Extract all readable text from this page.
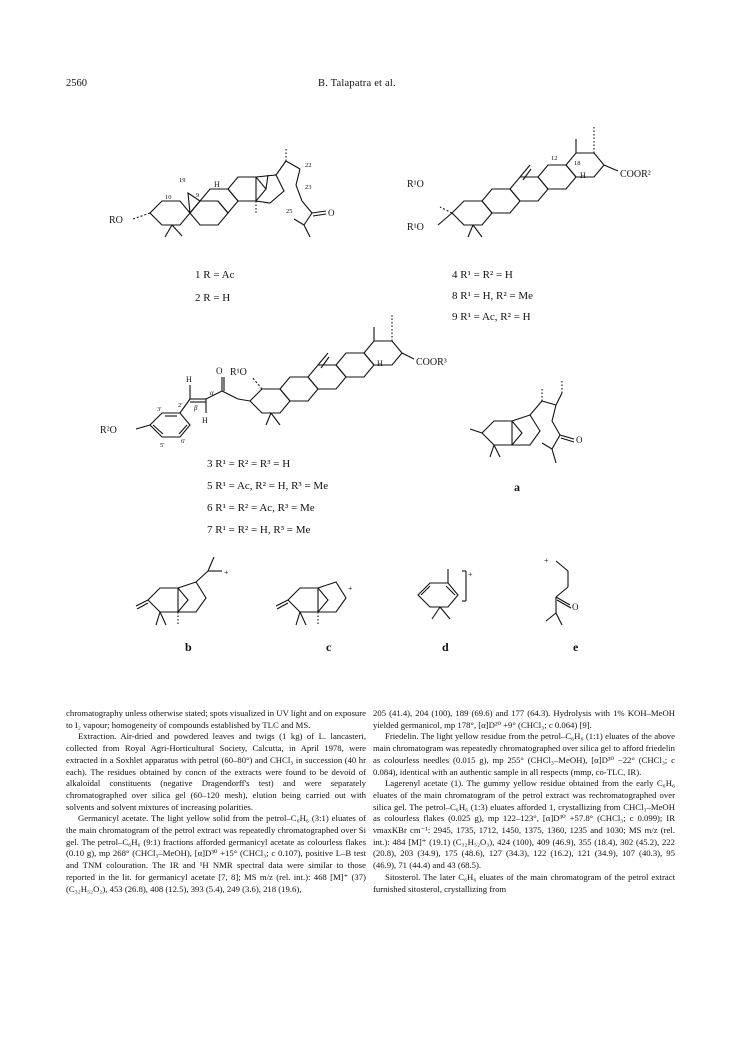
2560	B. Talapatra et al.
RO
10
19
9
H
22
23
25	O
R¹O
R¹O
12
18
H	COOR²
1 R = Ac
2 R = H
4 R¹ = R² = H
8 R¹ = H, R² = Me
9 R¹ = Ac, R² = H
R²O
3′
2′
5′
6′
H
H
β
α
O R¹O
H	COOR³
3 R¹ = R² = R³ = H
5 R¹ = Ac, R² = H, R³ = Me
6 R¹ = R² = Ac, R³ = Me
7 R¹ = R² = H, R³ = Me
O
a
+
b
+
c
+
d
+
O
e

chromatography unless otherwise stated; spots visualized in UV light and on exposure to I₂ vapour; homogeneity of compounds established by TLC and MS.

Extraction. Air-dried and powdered leaves and twigs (1 kg) of L. lancasteri, collected from Royal Agri-Horticultural Society, Calcutta, in April 1978, were extracted in a Soxhlet apparatus with petrol (60–80°) and CHCl₃ in succession (40 hr each). The residues obtained by concn of the extracts were found to be devoid of alkaloidal constituents (negative Dragendorff's test) and were separately chromatographed over silica gel (60–120 mesh), elution being carried out with solvents and solvent mixtures of increasing polarities.

Germanicyl acetate. The light yellow solid from the petrol–C₆H₆ (3:1) eluates of the main chromatogram of the petrol extract was repeatedly chromatographed over Si gel. The petrol–C₆H₆ (9:1) fractions afforded germanicyl acetate as colourless flakes (0.10 g), mp 268° (CHCl₃–MeOH), [α]D³⁰ +15° (CHCl₃; c 0.107), positive L–B test and TNM colouration. The IR and ¹H NMR spectral data were similar to those reported in the lit. for germanicyl acetate [7, 8]; MS m/z (rel. int.): 468 [M]⁺ (37) (C₃₂H₅₂O₂), 453 (26.8), 408 (12.5), 393 (5.4), 249 (3.6), 218 (19.6),

205 (41.4), 204 (100), 189 (69.6) and 177 (64.3). Hydrolysis with 1% KOH–MeOH yielded germanicol, mp 178°, [α]D²⁰ +9° (CHCl₃; c 0.064) [9].

Friedelin. The light yellow residue from the petrol–C₆H₆ (1:1) eluates of the above main chromatogram was repeatedly chromatographed over silica gel to afford friedelin as colourless needles (0.015 g), mp 255° (CHCl₃–MeOH), [α]D³⁰ −22° (CHCl₃; c 0.084), identical with an authentic sample in all respects (mmp, co-TLC, IR).

Lagerenyl acetate (1). The gummy yellow residue obtained from the early C₆H₆ eluates of the main chromatogram of the petrol extract was rechromatographed over silica gel. The petrol–C₆H₆ (1:3) eluates afforded 1, crystallizing from CHCl₃–MeOH as colourless flakes (0.025 g), mp 122–123°, [α]D³⁰ +57.8° (CHCl₃; c 0.099); IR νmaxKBr cm⁻¹: 2945, 1735, 1712, 1450, 1375, 1360, 1235 and 1030; MS m/z (rel. int.): 484 [M]⁺ (19.1) (C₃₂H₅₂O₃), 424 (100), 409 (46.9), 355 (18.4), 302 (45.2), 222 (20.8), 203 (34.9), 175 (48.6), 127 (34.3), 122 (16.2), 121 (34.9), 107 (40.3), 95 (46.9), 71 (44.4) and 43 (68.5).

Sitosterol. The later C₆H₆ eluates of the main chromatogram of the petrol extract furnished sitosterol, crystallizing from
